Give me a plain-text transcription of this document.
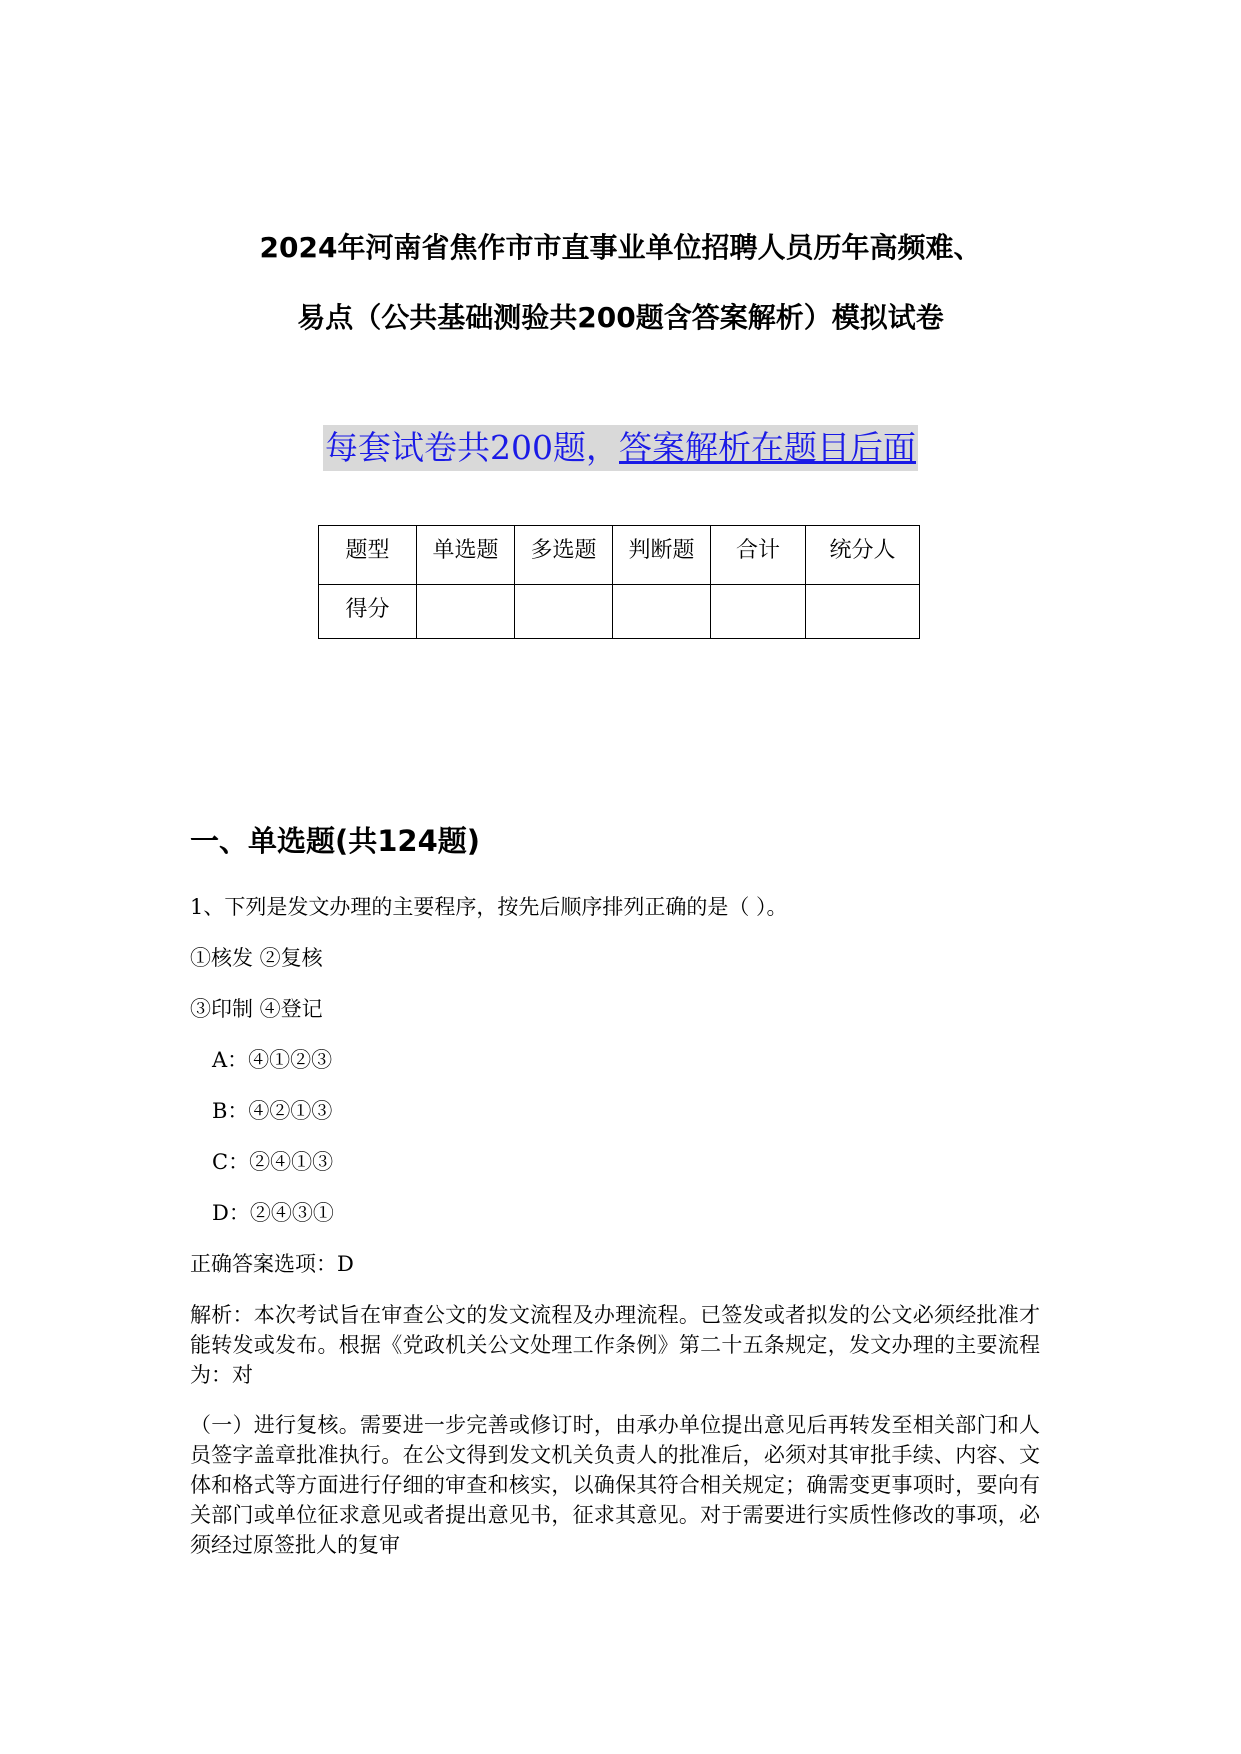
2024年河南省焦作市市直事业单位招聘人员历年高频难、
易点（公共基础测验共200题含答案解析）模拟试卷
每套试卷共200题，答案解析在题目后面
题型	单选题	多选题	判断题	合计	统分人
得分					
一、单选题(共124题)
1、下列是发文办理的主要程序，按先后顺序排列正确的是（ ）。
①核发 ②复核
③印制 ④登记
A：④①②③
B：④②①③
C：②④①③
D：②④③①
正确答案选项：D
解析：本次考试旨在审查公文的发文流程及办理流程。已签发或者拟发的公文必须经批准才能转发或发布。根据《党政机关公文处理工作条例》第二十五条规定，发文办理的主要流程为：对
（一）进行复核。需要进一步完善或修订时，由承办单位提出意见后再转发至相关部门和人员签字盖章批准执行。在公文得到发文机关负责人的批准后，必须对其审批手续、内容、文体和格式等方面进行仔细的审查和核实，以确保其符合相关规定；确需变更事项时，要向有关部门或单位征求意见或者提出意见书，征求其意见。对于需要进行实质性修改的事项，必须经过原签批人的复审
